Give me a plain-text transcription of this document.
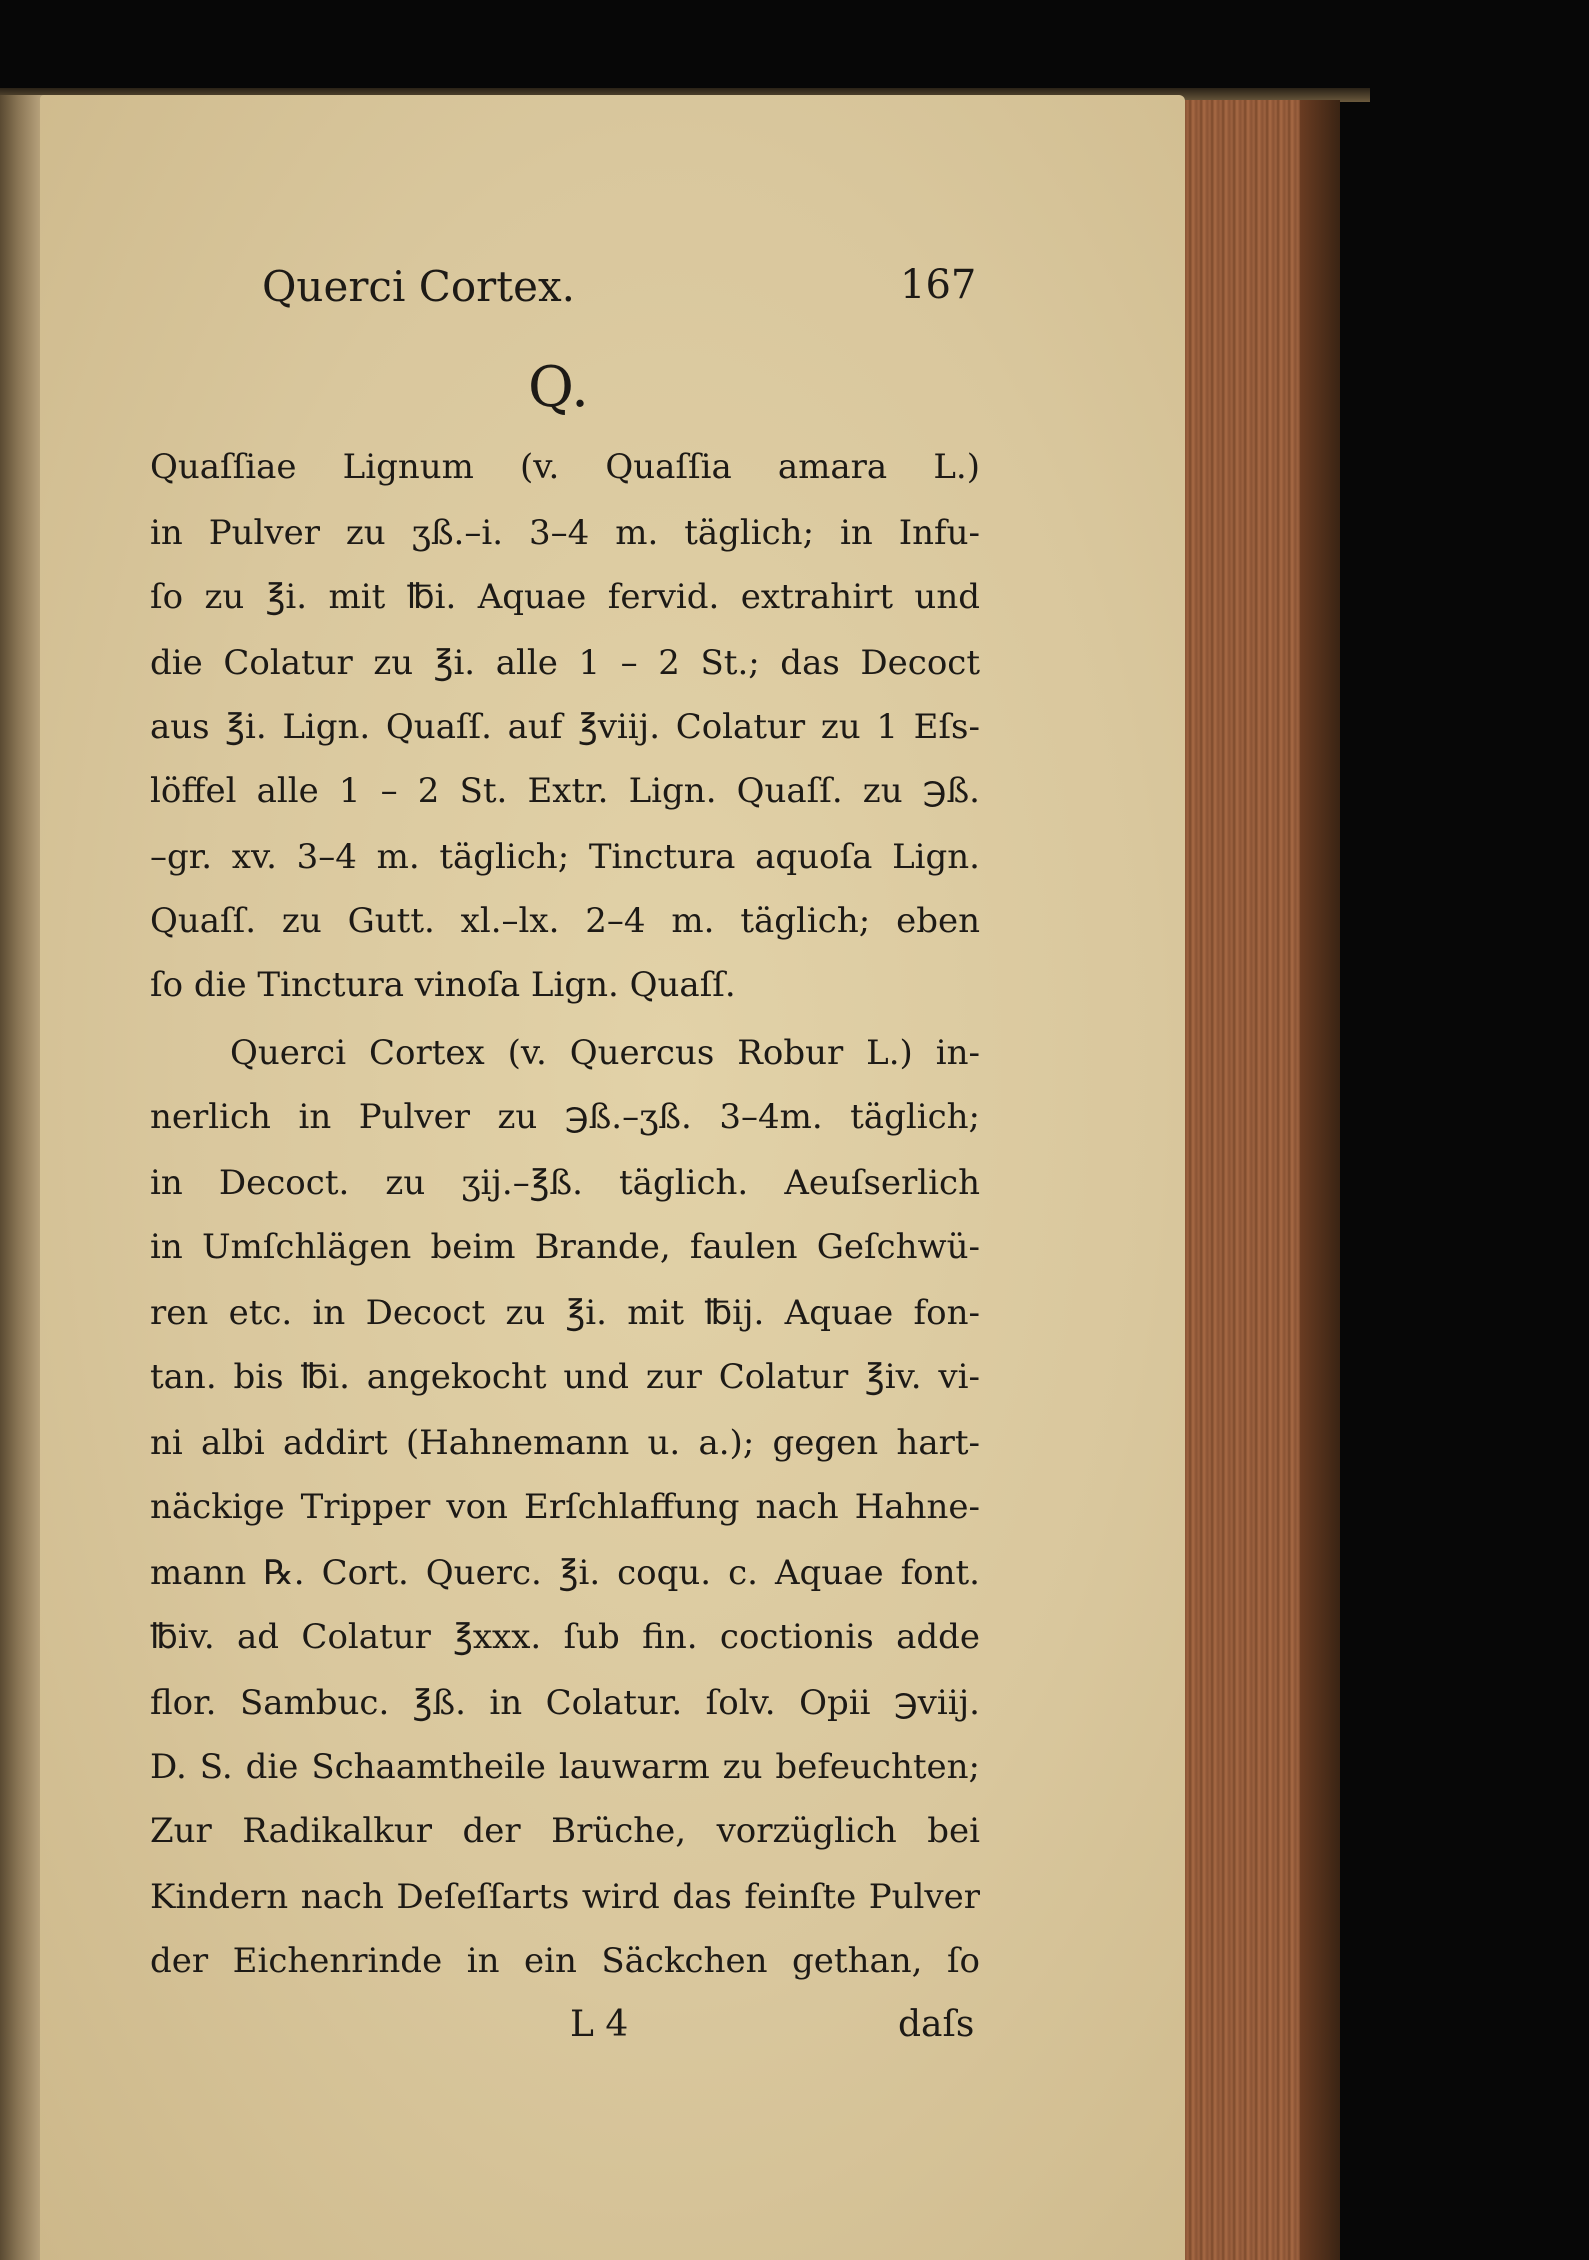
Querci Cortex.	167
Q.
Quaſſiae Lignum (v. Quaſſia amara L.)
in Pulver zu ʒß.–i. 3–4 m. täglich; in Infu-
ſo zu ℥i. mit ℔i. Aquae fervid. extrahirt und
die Colatur zu ℥i. alle 1 – 2 St.; das Decoct
aus ℥i. Lign. Quaſſ. auf ℥viij. Colatur zu 1 Eſs-
löffel alle 1 – 2 St. Extr. Lign. Quaſſ. zu ℈ß.
–gr. xv. 3–4 m. täglich; Tinctura aquoſa Lign.
Quaſſ. zu Gutt. xl.–lx. 2–4 m. täglich; eben
ſo die Tinctura vinoſa Lign. Quaſſ.
Querci Cortex (v. Quercus Robur L.) in-
nerlich in Pulver zu ℈ß.–ʒß. 3–4m. täglich;
in Decoct. zu ʒij.–℥ß. täglich. Aeuſserlich
in Umſchlägen beim Brande, faulen Geſchwü-
ren etc. in Decoct zu ℥i. mit ℔ij. Aquae fon-
tan. bis ℔i. angekocht und zur Colatur ℥iv. vi-
ni albi addirt (Hahnemann u. a.); gegen hart-
näckige Tripper von Erſchlaffung nach Hahne-
mann ℞. Cort. Querc. ℥i. coqu. c. Aquae font.
℔iv. ad Colatur ℥xxx. ſub fin. coctionis adde
flor. Sambuc. ℥ß. in Colatur. ſolv. Opii ℈viij.
D. S. die Schaamtheile lauwarm zu befeuchten;
Zur Radikalkur der Brüche, vorzüglich bei
Kindern nach Deſeſſarts wird das feinſte Pulver
der Eichenrinde in ein Säckchen gethan, ſo
L 4	daſs
